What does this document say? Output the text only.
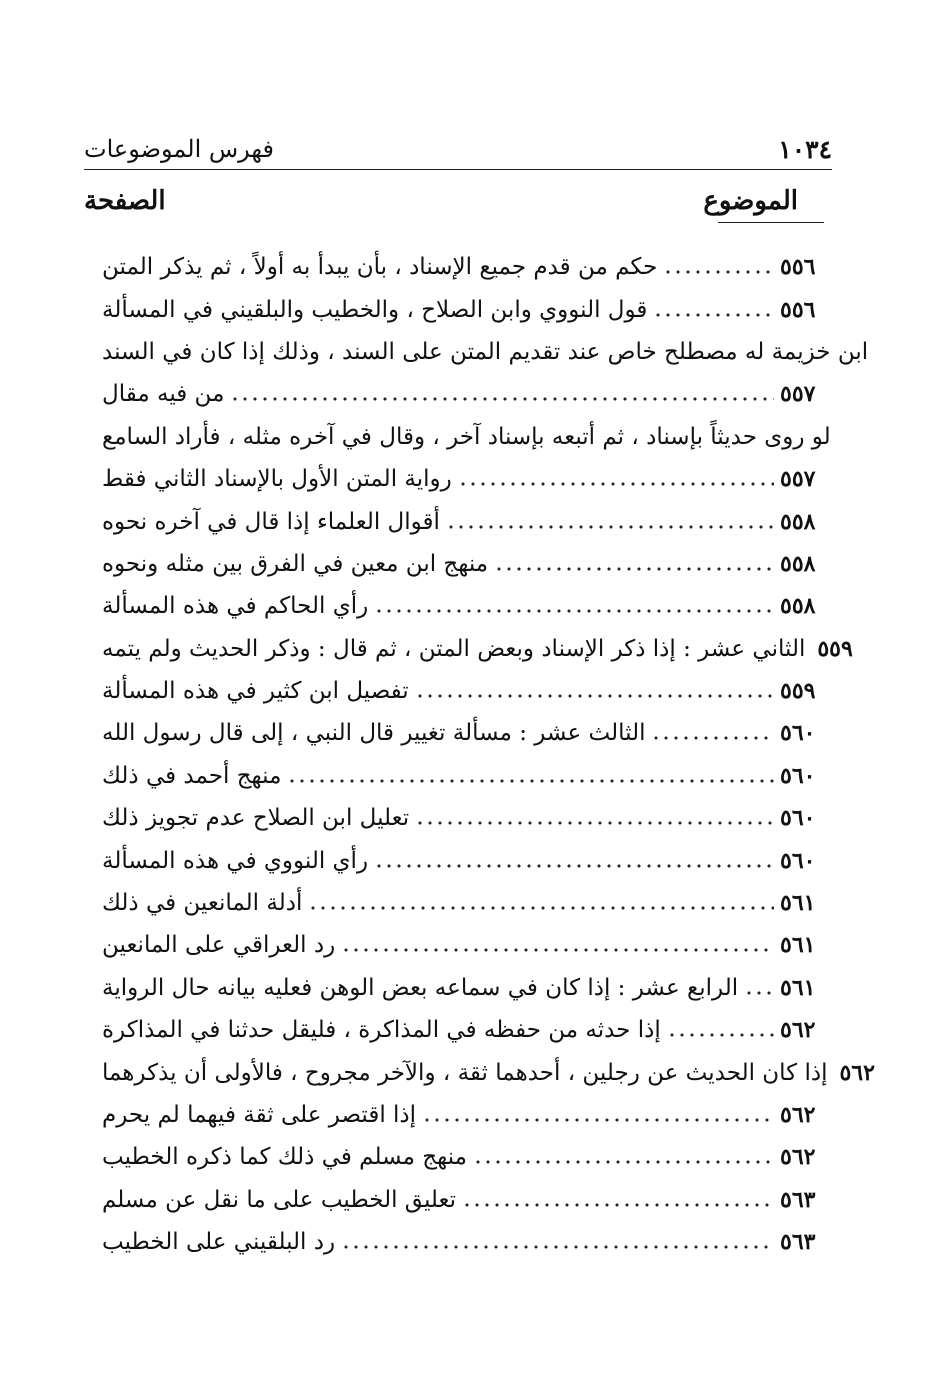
١٠٣٤
فهرس الموضوعات
الموضوع
الصفحة
حكم من قدم جميع الإسناد ، بأن يبدأ به أولاً ، ثم يذكر المتن	٥٥٦
قول النووي وابن الصلاح ، والخطيب والبلقيني في المسألة	٥٥٦
ابن خزيمة له مصطلح خاص عند تقديم المتن على السند ، وذلك إذا كان في السند
من فيه مقال	٥٥٧
لو روى حديثاً بإسناد ، ثم أتبعه بإسناد آخر ، وقال في آخره مثله ، فأراد السامع
رواية المتن الأول بالإسناد الثاني فقط	٥٥٧
أقوال العلماء إذا قال في آخره نحوه	٥٥٨
منهج ابن معين في الفرق بين مثله ونحوه	٥٥٨
رأي الحاكم في هذه المسألة	٥٥٨
الثاني عشر : إذا ذكر الإسناد وبعض المتن ، ثم قال : وذكر الحديث ولم يتمه ٥٥٩
تفصيل ابن كثير في هذه المسألة	٥٥٩
الثالث عشر : مسألة تغيير قال النبي ، إلى قال رسول الله	٥٦٠
منهج أحمد في ذلك	٥٦٠
تعليل ابن الصلاح عدم تجويز ذلك	٥٦٠
رأي النووي في هذه المسألة	٥٦٠
أدلة المانعين في ذلك	٥٦١
رد العراقي على المانعين	٥٦١
الرابع عشر : إذا كان في سماعه بعض الوهن فعليه بيانه حال الرواية ٥٦١
إذا حدثه من حفظه في المذاكرة ، فليقل حدثنا في المذاكرة	٥٦٢
إذا كان الحديث عن رجلين ، أحدهما ثقة ، والآخر مجروح ، فالأولى أن يذكرهما ٥٦٢
إذا اقتصر على ثقة فيهما لم يحرم	٥٦٢
منهج مسلم في ذلك كما ذكره الخطيب	٥٦٢
تعليق الخطيب على ما نقل عن مسلم	٥٦٣
رد البلقيني على الخطيب	٥٦٣
